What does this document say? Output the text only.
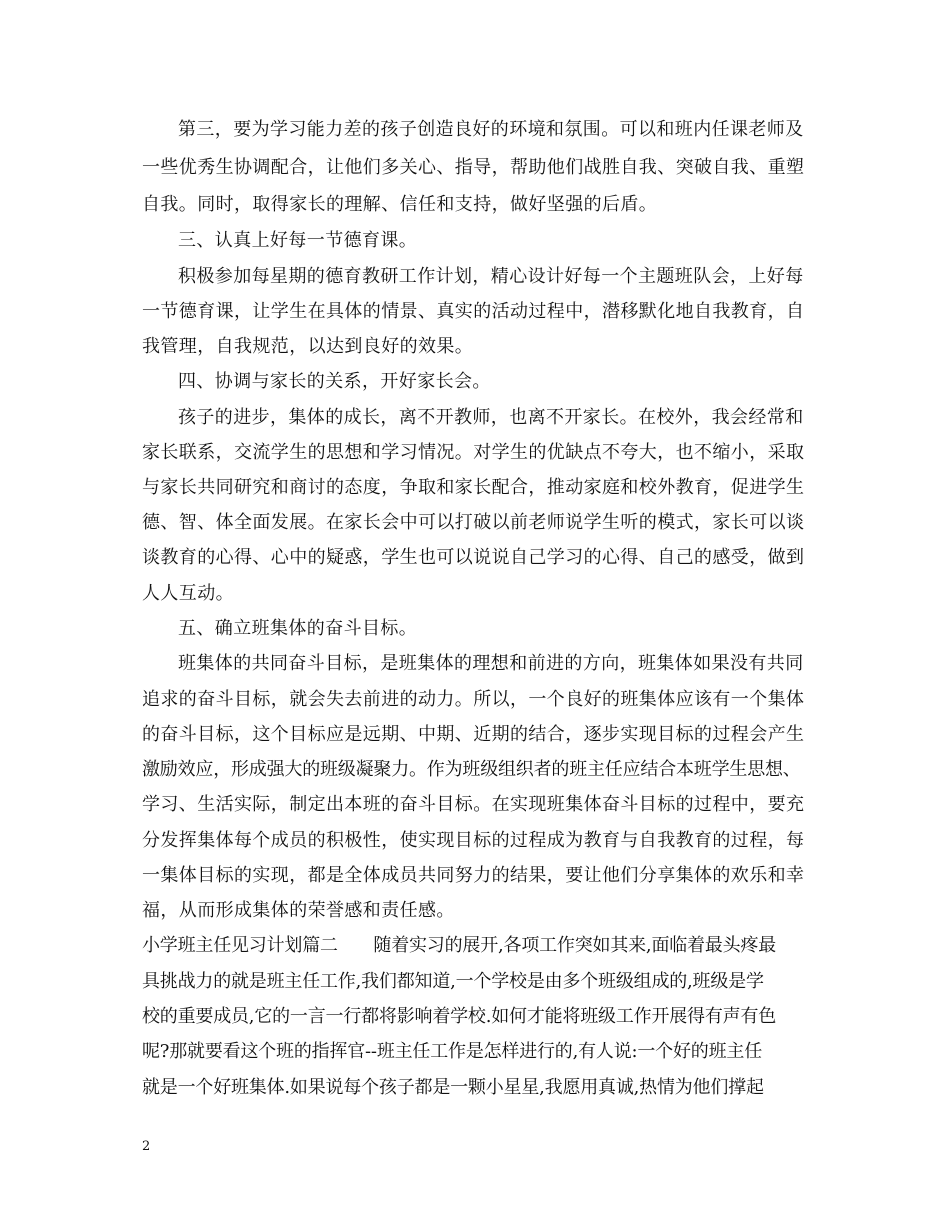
第三，要为学习能力差的孩子创造良好的环境和氛围。可以和班内任课老师及
一些优秀生协调配合，让他们多关心、指导，帮助他们战胜自我、突破自我、重塑
自我。同时，取得家长的理解、信任和支持，做好坚强的后盾。
三、认真上好每一节德育课。
积极参加每星期的德育教研工作计划，精心设计好每一个主题班队会，上好每
一节德育课，让学生在具体的情景、真实的活动过程中，潜移默化地自我教育，自
我管理，自我规范，以达到良好的效果。
四、协调与家长的关系，开好家长会。
孩子的进步，集体的成长，离不开教师，也离不开家长。在校外，我会经常和
家长联系，交流学生的思想和学习情况。对学生的优缺点不夸大，也不缩小，采取
与家长共同研究和商讨的态度，争取和家长配合，推动家庭和校外教育，促进学生
德、智、体全面发展。在家长会中可以打破以前老师说学生听的模式，家长可以谈
谈教育的心得、心中的疑惑，学生也可以说说自己学习的心得、自己的感受，做到
人人互动。
五、确立班集体的奋斗目标。
班集体的共同奋斗目标，是班集体的理想和前进的方向，班集体如果没有共同
追求的奋斗目标，就会失去前进的动力。所以，一个良好的班集体应该有一个集体
的奋斗目标，这个目标应是远期、中期、近期的结合，逐步实现目标的过程会产生
激励效应，形成强大的班级凝聚力。作为班级组织者的班主任应结合本班学生思想、
学习、生活实际，制定出本班的奋斗目标。在实现班集体奋斗目标的过程中，要充
分发挥集体每个成员的积极性，使实现目标的过程成为教育与自我教育的过程，每
一集体目标的实现，都是全体成员共同努力的结果，要让他们分享集体的欢乐和幸
福，从而形成集体的荣誉感和责任感。
小学班主任见习计划篇二　　随着实习的展开,各项工作突如其来,面临着最头疼最
具挑战力的就是班主任工作,我们都知道,一个学校是由多个班级组成的,班级是学
校的重要成员,它的一言一行都将影响着学校.如何才能将班级工作开展得有声有色
呢?那就要看这个班的指挥官--班主任工作是怎样进行的,有人说:一个好的班主任
就是一个好班集体.如果说每个孩子都是一颗小星星,我愿用真诚,热情为他们撑起
2
